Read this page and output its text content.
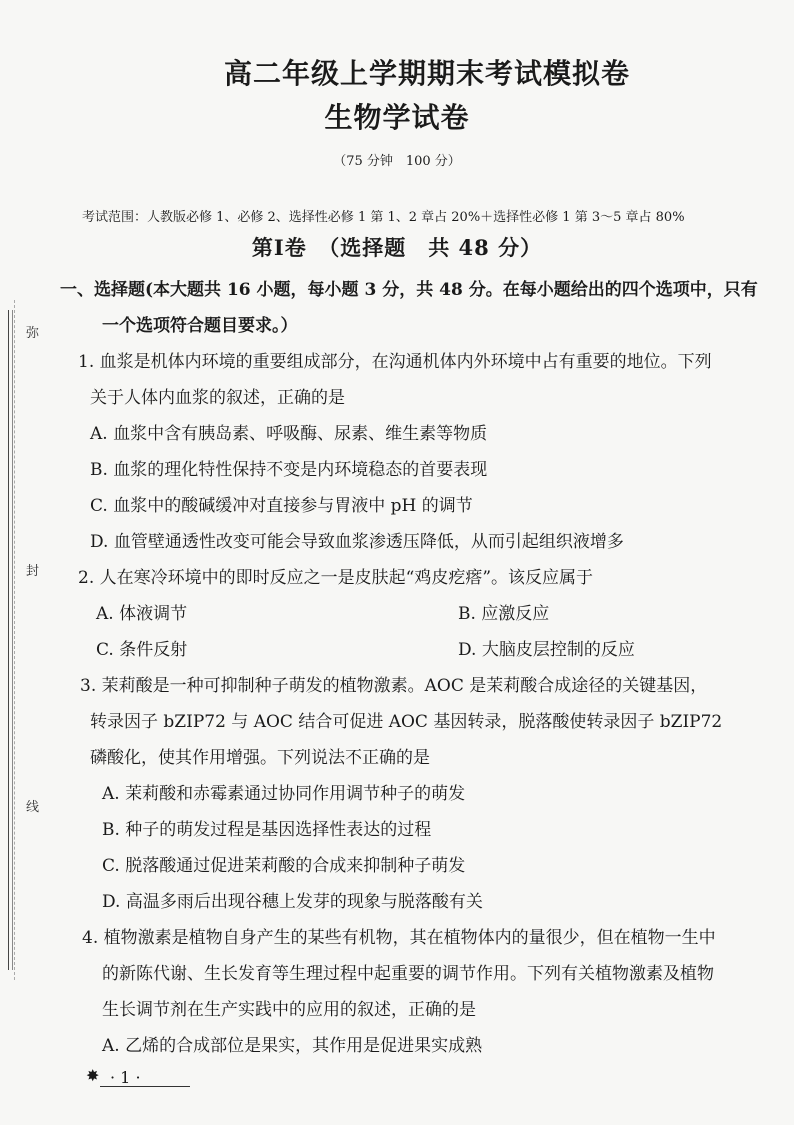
弥
封
线
高二年级上学期期末考试模拟卷
生物学试卷
（75 分钟　100 分）
考试范围：人教版必修 1、必修 2、选择性必修 1 第 1、2 章占 20%＋选择性必修 1 第 3～5 章占 80%
第Ⅰ卷　（选择题　共 48 分）
一、选择题(本大题共 16 小题，每小题 3 分，共 48 分。在每小题给出的四个选项中，只有
一个选项符合题目要求。）
1. 血浆是机体内环境的重要组成部分，在沟通机体内外环境中占有重要的地位。下列
关于人体内血浆的叙述，正确的是
A. 血浆中含有胰岛素、呼吸酶、尿素、维生素等物质
B. 血浆的理化特性保持不变是内环境稳态的首要表现
C. 血浆中的酸碱缓冲对直接参与胃液中 pH 的调节
D. 血管壁通透性改变可能会导致血浆渗透压降低，从而引起组织液增多
2. 人在寒冷环境中的即时反应之一是皮肤起“鸡皮疙瘩”。该反应属于
A. 体液调节	B. 应激反应
C. 条件反射	D. 大脑皮层控制的反应
3. 茉莉酸是一种可抑制种子萌发的植物激素。AOC 是茉莉酸合成途径的关键基因，
转录因子 bZIP72 与 AOC 结合可促进 AOC 基因转录，脱落酸使转录因子 bZIP72
磷酸化，使其作用增强。下列说法不正确的是
A. 茉莉酸和赤霉素通过协同作用调节种子的萌发
B. 种子的萌发过程是基因选择性表达的过程
C. 脱落酸通过促进茉莉酸的合成来抑制种子萌发
D. 高温多雨后出现谷穗上发芽的现象与脱落酸有关
4. 植物激素是植物自身产生的某些有机物，其在植物体内的量很少，但在植物一生中
的新陈代谢、生长发育等生理过程中起重要的调节作用。下列有关植物激素及植物
生长调节剂在生产实践中的应用的叙述，正确的是
A. 乙烯的合成部位是果实，其作用是促进果实成熟
✸ · 1 ·
